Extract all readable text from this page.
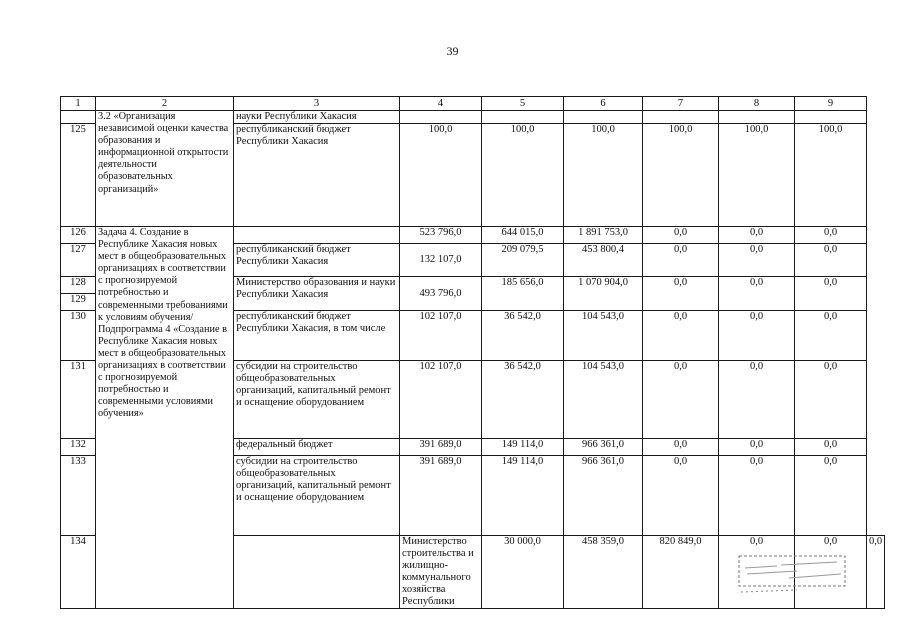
39
1	2	3	4	5	6	7	8	9	
	3.2 «Организация независимой оценки качества образования и информационной открытости деятельности образовательных организаций»	науки Республики Хакасия							
125		республиканский бюджет Республики Хакасия	100,0	100,0	100,0	100,0	100,0	100,0	
126	Задача 4. Создание в Республике Хакасия новых мест в общеобразовательных организациях в соответствии с прогнозируемой потребностью и современными требованиями к условиям обучения/ Подпрограмма 4 «Создание в Республике Хакасия новых мест в общеобразовательных организациях в соответствии с прогнозируемой потребностью и современными условиями обучения»		523 796,0	644 015,0	1 891 753,0	0,0	0,0	0,0	
127		республиканский бюджет Республики Хакасия	132 107,0	209 079,5	453 800,4	0,0	0,0	0,0	
128		Министерство образования и науки Республики Хакасия	493 796,0	185 656,0	1 070 904,0	0,0	0,0	0,0	
129									
130		республиканский бюджет Республики Хакасия, в том числе	102 107,0	36 542,0	104 543,0	0,0	0,0	0,0	
131		субсидии на строительство общеобразовательных организаций, капитальный ремонт и оснащение оборудованием	102 107,0	36 542,0	104 543,0	0,0	0,0	0,0	
132		федеральный бюджет	391 689,0	149 114,0	966 361,0	0,0	0,0	0,0	
133		субсидии на строительство общеобразовательных организаций, капитальный ремонт и оснащение оборудованием	391 689,0	149 114,0	966 361,0	0,0	0,0	0,0	
134			Министерство строительства и жилищно-коммунального хозяйства Республики	30 000,0	458 359,0	820 849,0	0,0	0,0	0,0
